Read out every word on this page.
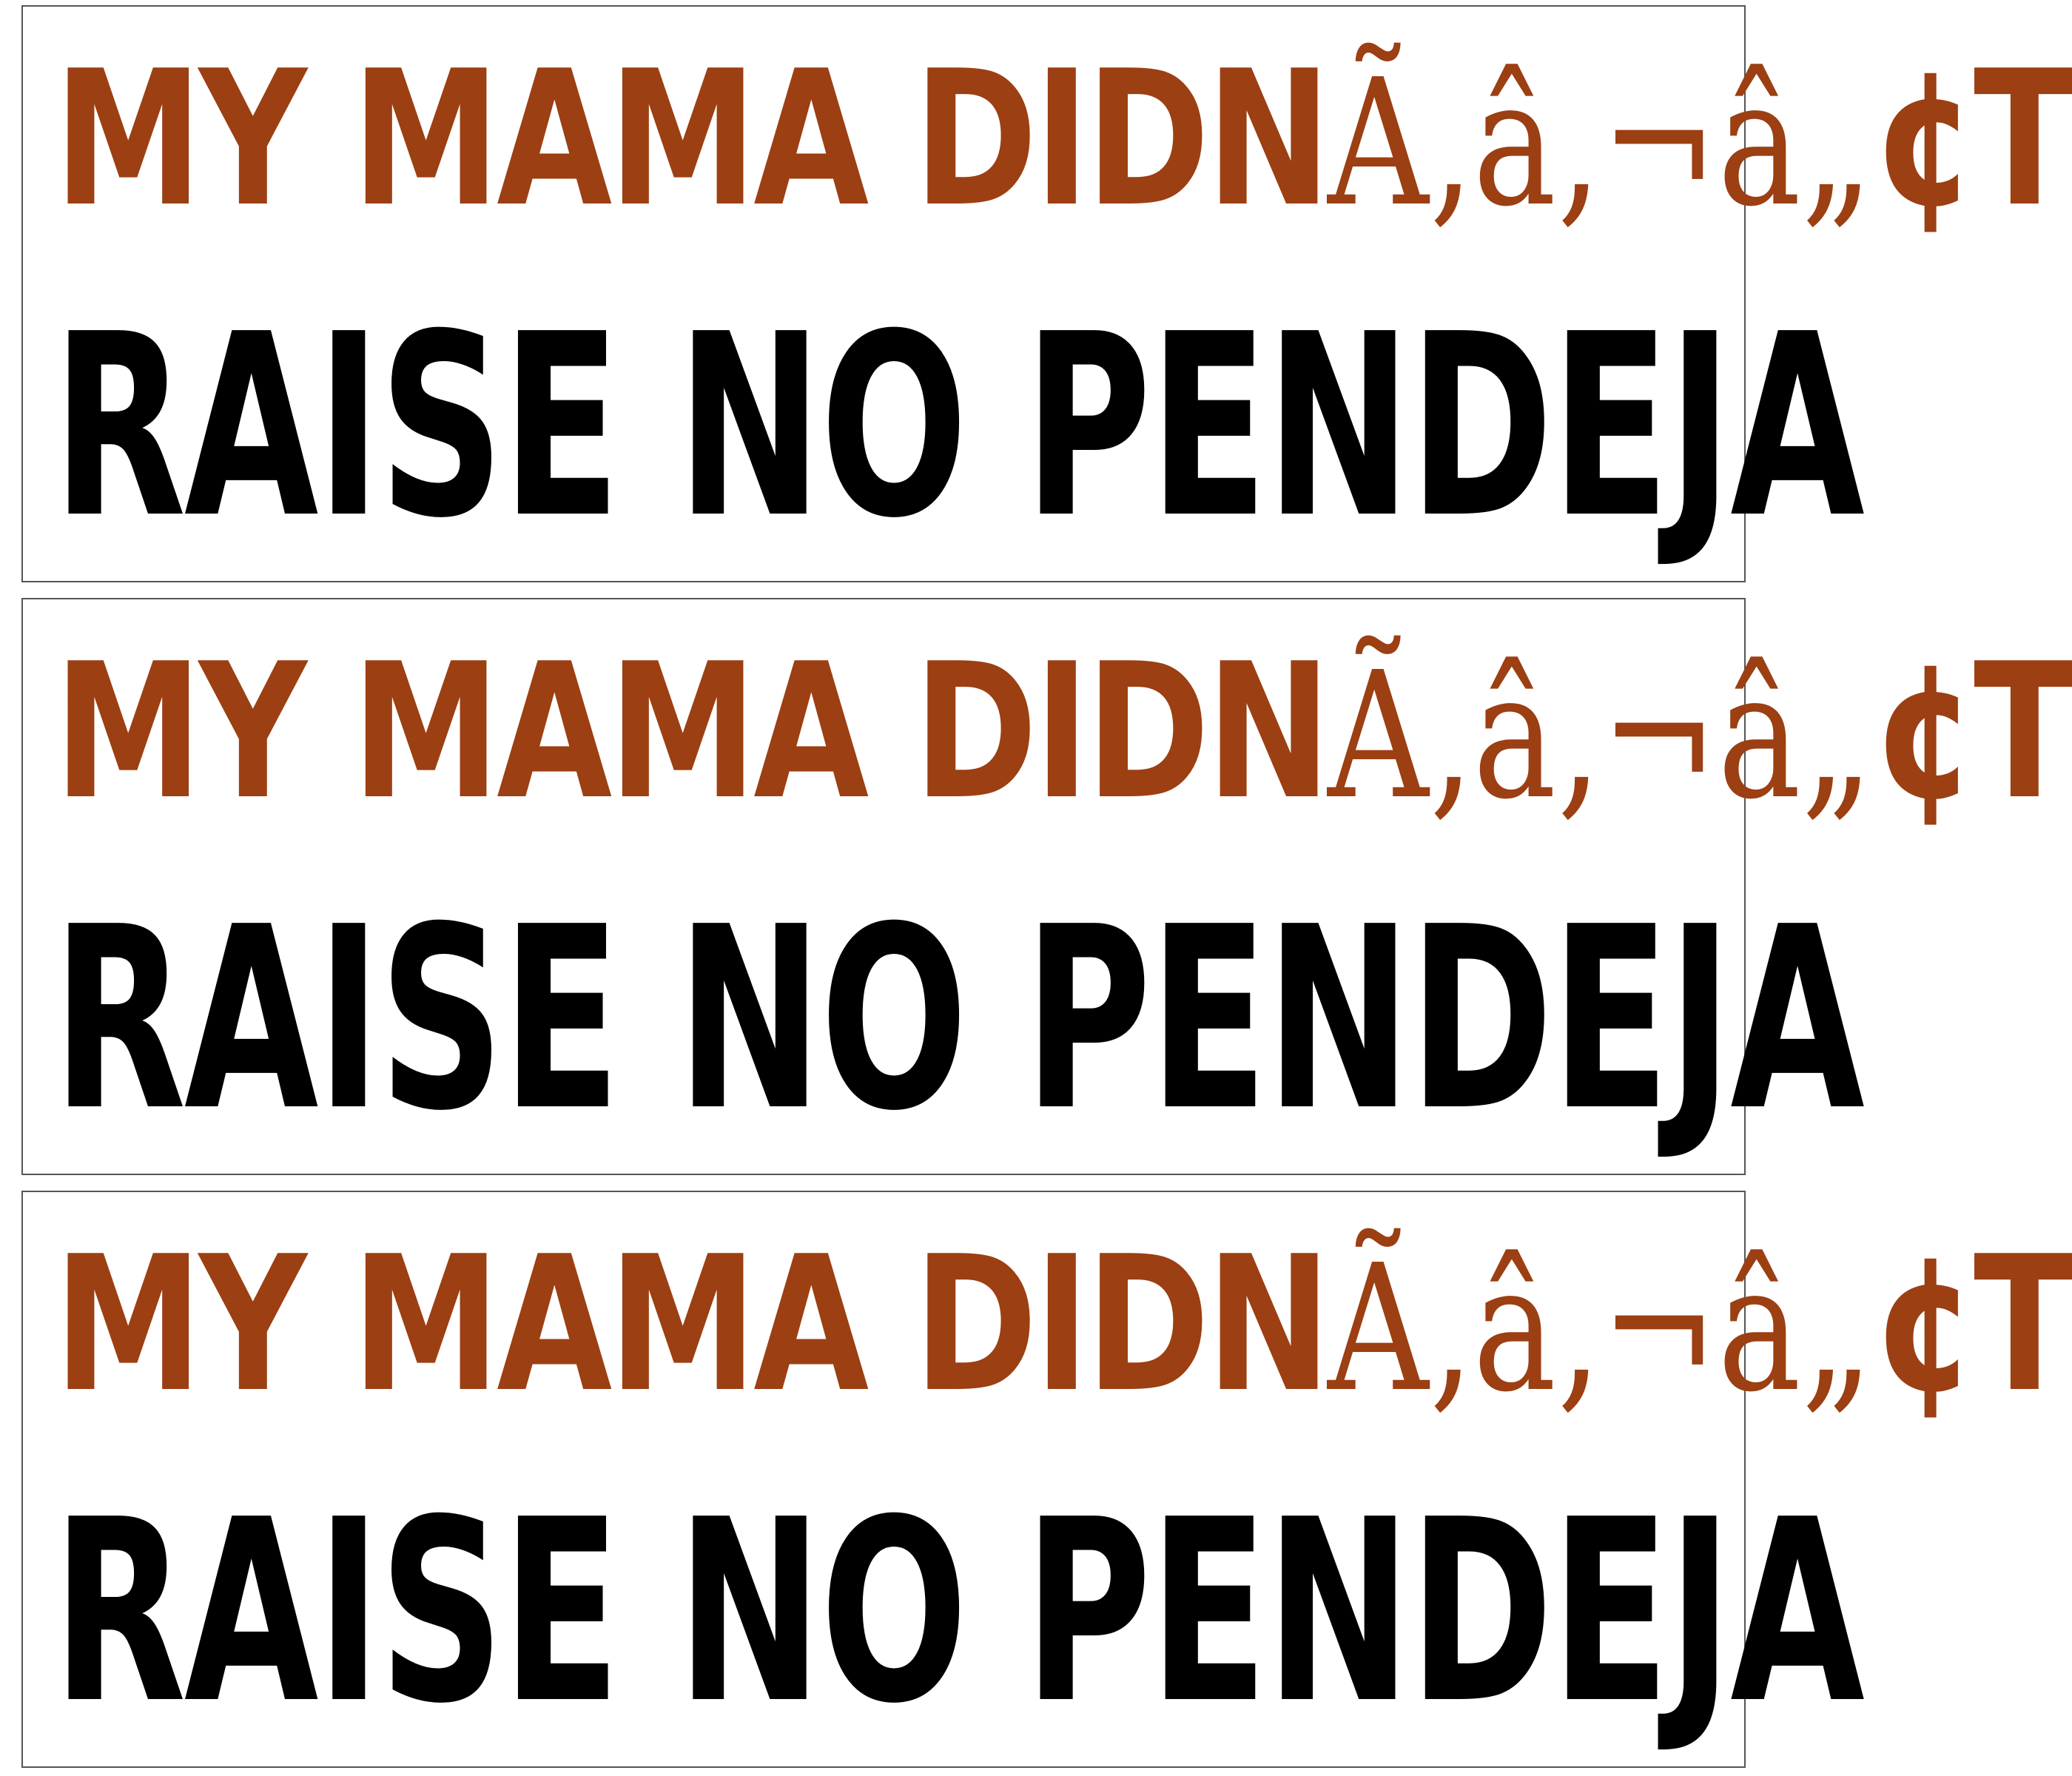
MY MAMA DIDNÃ‚â‚¬â„¢T
RAISE NO PENDEJA
MY MAMA DIDNÃ‚â‚¬â„¢T
RAISE NO PENDEJA
MY MAMA DIDNÃ‚â‚¬â„¢T
RAISE NO PENDEJA
